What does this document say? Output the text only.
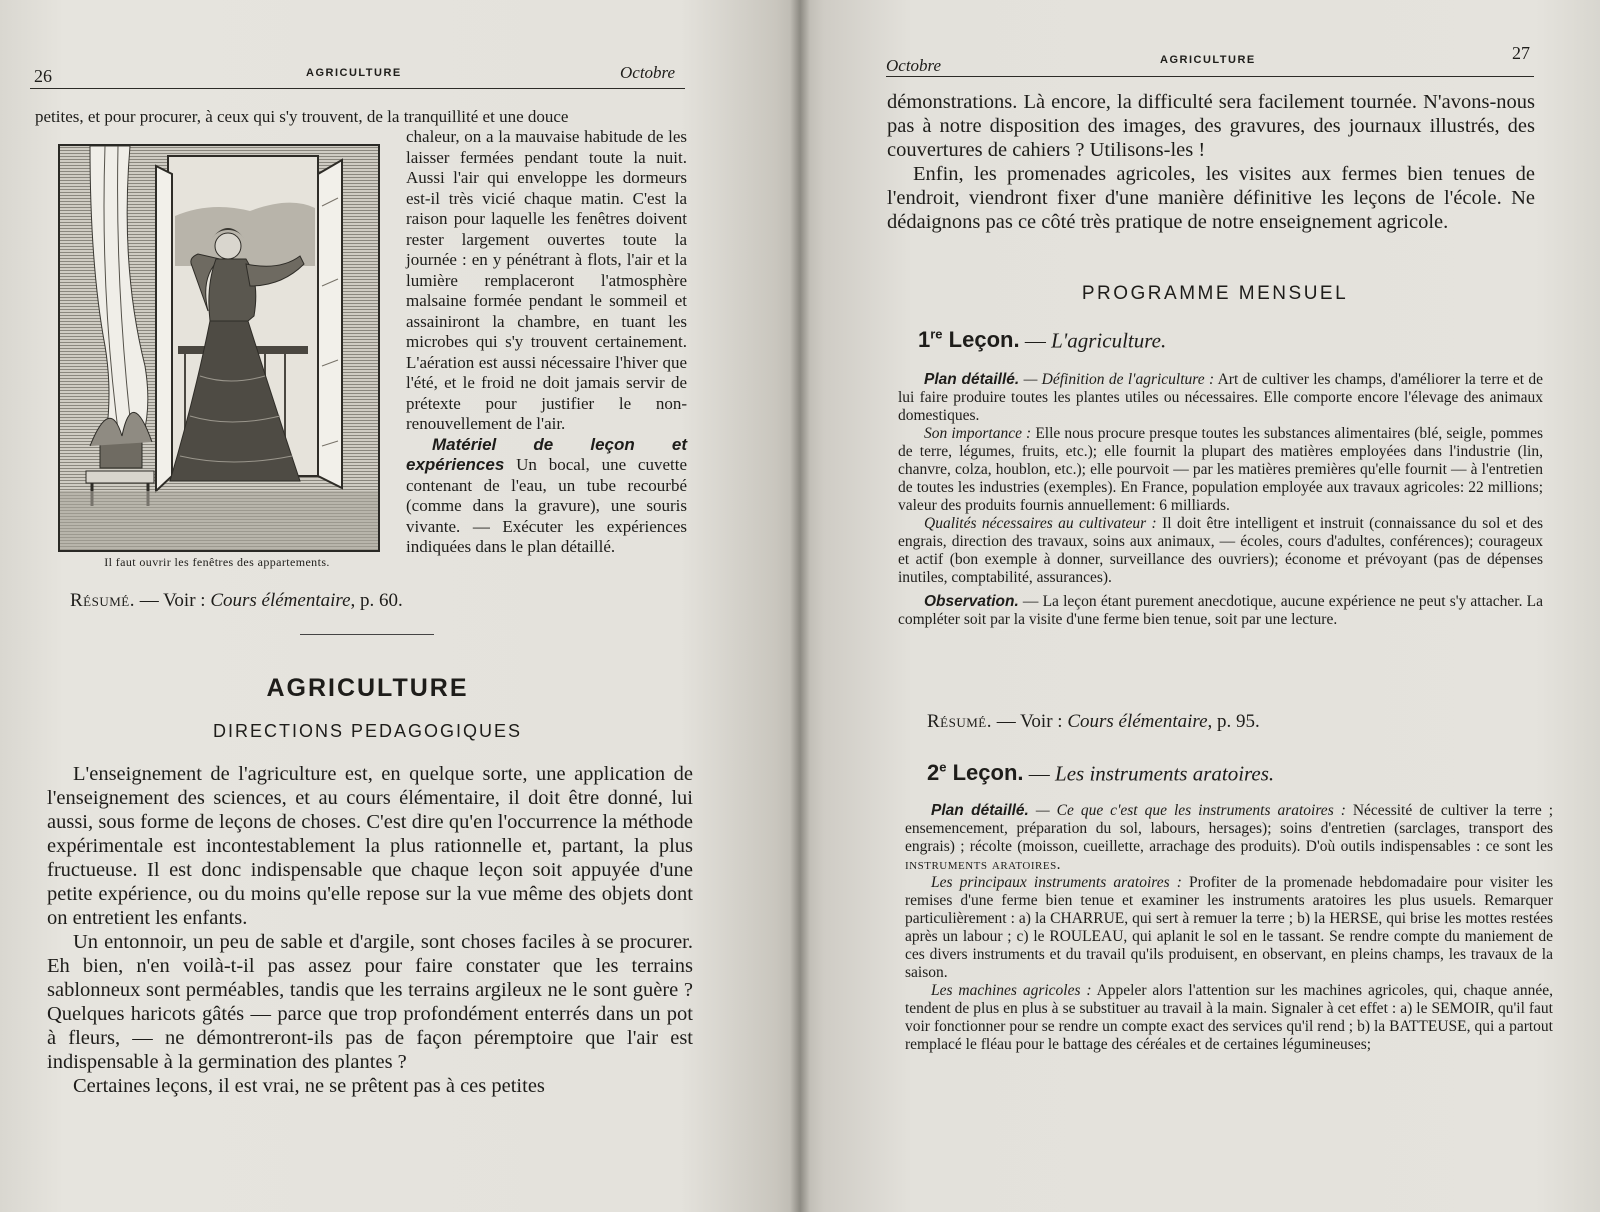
26	AGRICULTURE	Octobre
petites, et pour procurer, à ceux qui s'y trouvent, de la tranquillité et une douce
Il faut ouvrir les fenêtres des appartements.

chaleur, on a la mauvaise habitude de les laisser fermées pendant toute la nuit. Aussi l'air qui enveloppe les dormeurs est-il très vicié chaque matin. C'est la raison pour laquelle les fenêtres doivent rester largement ouvertes toute la journée : en y pénétrant à flots, l'air et la lumière remplaceront l'atmosphère malsaine formée pendant le sommeil et assainiront la chambre, en tuant les microbes qui s'y trouvent certainement. L'aération est aussi nécessaire l'hiver que l'été, et le froid ne doit jamais servir de prétexte pour justifier le non-renouvellement de l'air.

Matériel de leçon et expériences Un bocal, une cuvette contenant de l'eau, un tube recourbé (comme dans la gravure), une souris vivante. — Exécuter les expériences indiquées dans le plan détaillé.

Résumé. — Voir : Cours élémentaire, p. 60.
AGRICULTURE
DIRECTIONS PEDAGOGIQUES

L'enseignement de l'agriculture est, en quelque sorte, une application de l'enseignement des sciences, et au cours élémentaire, il doit être donné, lui aussi, sous forme de leçons de choses. C'est dire qu'en l'occurrence la méthode expérimentale est incontestablement la plus rationnelle et, partant, la plus fructueuse. Il est donc indispensable que chaque leçon soit appuyée d'une petite expérience, ou du moins qu'elle repose sur la vue même des objets dont on entretient les enfants.

Un entonnoir, un peu de sable et d'argile, sont choses faciles à se procurer. Eh bien, n'en voilà-t-il pas assez pour faire constater que les terrains sablonneux sont perméables, tandis que les terrains argileux ne le sont guère ? Quelques haricots gâtés — parce que trop profondément enterrés dans un pot à fleurs, — ne démontreront-ils pas de façon péremptoire que l'air est indispensable à la germination des plantes ?

Certaines leçons, il est vrai, ne se prêtent pas à ces petites

Octobre	AGRICULTURE	27

démonstrations. Là encore, la difficulté sera facilement tournée. N'avons-nous pas à notre disposition des images, des gravures, des journaux illustrés, des couvertures de cahiers ? Utilisons-les !

Enfin, les promenades agricoles, les visites aux fermes bien tenues de l'endroit, viendront fixer d'une manière définitive les leçons de l'école. Ne dédaignons pas ce côté très pratique de notre enseignement agricole.

PROGRAMME MENSUEL
1re Leçon. — L'agriculture.

Plan détaillé. — Définition de l'agriculture : Art de cultiver les champs, d'améliorer la terre et de lui faire produire toutes les plantes utiles ou nécessaires. Elle comporte encore l'élevage des animaux domestiques.

Son importance : Elle nous procure presque toutes les substances alimentaires (blé, seigle, pommes de terre, légumes, fruits, etc.); elle fournit la plupart des matières employées dans l'industrie (lin, chanvre, colza, houblon, etc.); elle pourvoit — par les matières premières qu'elle fournit — à l'entretien de toutes les industries (exemples). En France, population employée aux travaux agricoles: 22 millions; valeur des produits fournis annuellement: 6 milliards.

Qualités nécessaires au cultivateur : Il doit être intelligent et instruit (connaissance du sol et des engrais, direction des travaux, soins aux animaux, — écoles, cours d'adultes, conférences); courageux et actif (bon exemple à donner, surveillance des ouvriers); économe et prévoyant (pas de dépenses inutiles, comptabilité, assurances).

Observation. — La leçon étant purement anecdotique, aucune expérience ne peut s'y attacher. La compléter soit par la visite d'une ferme bien tenue, soit par une lecture.

Résumé. — Voir : Cours élémentaire, p. 95.
2e Leçon. — Les instruments aratoires.

Plan détaillé. — Ce que c'est que les instruments aratoires : Nécessité de cultiver la terre ; ensemencement, préparation du sol, labours, hersages); soins d'entretien (sarclages, transport des engrais) ; récolte (moisson, cueillette, arrachage des produits). D'où outils indispensables : ce sont les instruments aratoires.

Les principaux instruments aratoires : Profiter de la promenade hebdomadaire pour visiter les remises d'une ferme bien tenue et examiner les instruments aratoires les plus usuels. Remarquer particulièrement : a) la CHARRUE, qui sert à remuer la terre ; b) la HERSE, qui brise les mottes restées après un labour ; c) le ROULEAU, qui aplanit le sol en le tassant. Se rendre compte du maniement de ces divers instruments et du travail qu'ils produisent, en observant, en pleins champs, les travaux de la saison.

Les machines agricoles : Appeler alors l'attention sur les machines agricoles, qui, chaque année, tendent de plus en plus à se substituer au travail à la main. Signaler à cet effet : a) le SEMOIR, qu'il faut voir fonctionner pour se rendre un compte exact des services qu'il rend ; b) la BATTEUSE, qui a partout remplacé le fléau pour le battage des céréales et de certaines légumineuses;
